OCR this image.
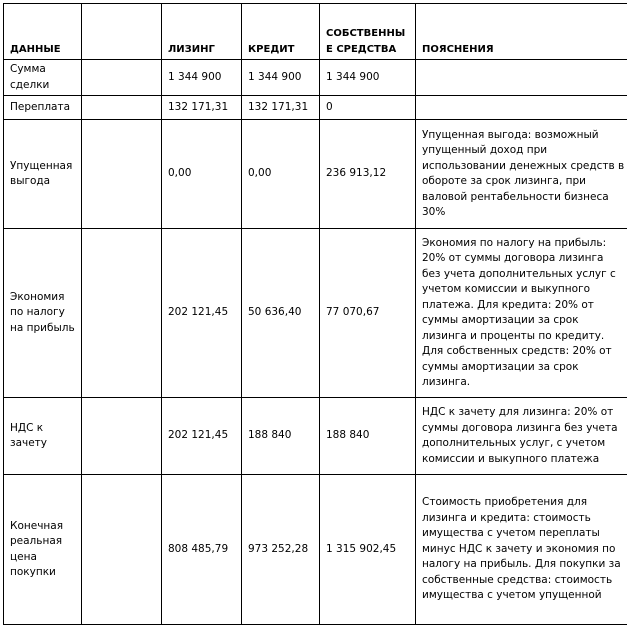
ДАННЫЕ		ЛИЗИНГ	КРЕДИТ	СОБСТВЕННЫЕ СРЕДСТВА	ПОЯСНЕНИЯ
Сумма сделки		1 344 900	1 344 900	1 344 900	
Переплата		132 171,31	132 171,31	0	
Упущенная выгода		0,00	0,00	236 913,12	Упущенная выгода: возможный упущенный доход при использовании денежных средств в обороте за срок лизинга, при валовой рентабельности бизнеса 30%
Экономия по налогу на прибыль		202 121,45	50 636,40	77 070,67	Экономия по налогу на прибыль: 20% от суммы договора лизинга без учета дополнительных услуг с учетом комиссии и выкупного платежа. Для кредита: 20% от суммы амортизации за срок лизинга и проценты по кредиту. Для собственных средств: 20% от суммы амортизации за срок лизинга.
НДС к зачету		202 121,45	188 840	188 840	НДС к зачету для лизинга: 20% от суммы договора лизинга без учета дополнительных услуг, с учетом комиссии и выкупного платежа
Конечная реальная цена покупки		808 485,79	973 252,28	1 315 902,45	Стоимость приобретения для лизинга и кредита: стоимость имущества с учетом переплаты минус НДС к зачету и экономия по налогу на прибыль. Для покупки за собственные средства: стоимость имущества с учетом упущенной
